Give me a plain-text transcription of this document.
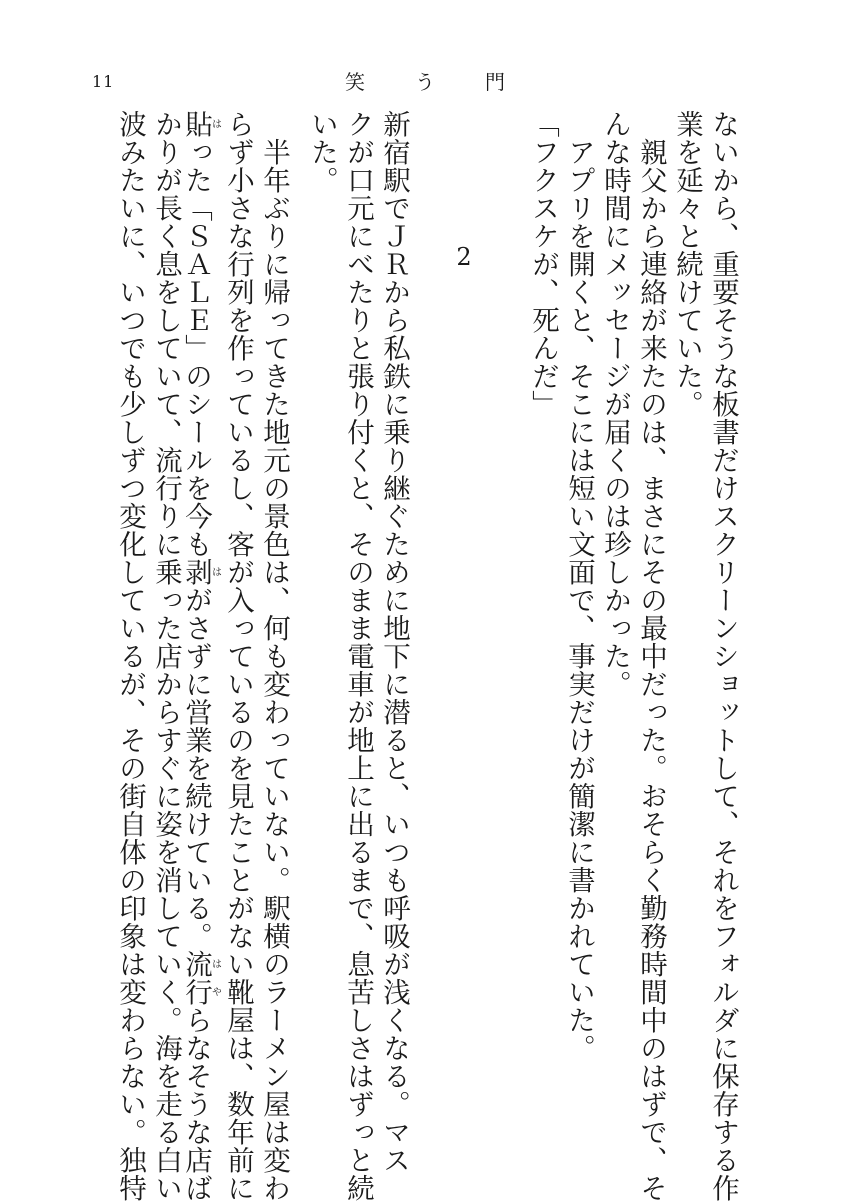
11	笑	う	門
ないから、重要そうな板書だけスクリーンショットして、それをフォルダに保存する作
業を延々と続けていた。
　親父から連絡が来たのは、まさにその最中だった。おそらく勤務時間中のはずで、そ
んな時間にメッセージが届くのは珍しかった。
　アプリを開くと、そこには短い文面で、事実だけが簡潔に書かれていた。
「フクスケが、死んだ」
新宿駅でＪＲから私鉄に乗り継ぐために地下に潜ると、いつも呼吸が浅くなる。マス
クが口元にべたりと張り付くと、そのまま電車が地上に出るまで、息苦しさはずっと続
いた。
　半年ぶりに帰ってきた地元の景色は、何も変わっていない。駅横のラーメン屋は変わ
らず小さな行列を作っているし、客が入っているのを見たことがない靴屋は、数年前に
貼はった「ＳＡＬＥ」のシールを今も剥はがさずに営業を続けている。流行はやらなそうな店ば
かりが長く息をしていて、流行りに乗った店からすぐに姿を消していく。海を走る白い
波みたいに、いつでも少しずつ変化しているが、その街自体の印象は変わらない。独特	2
